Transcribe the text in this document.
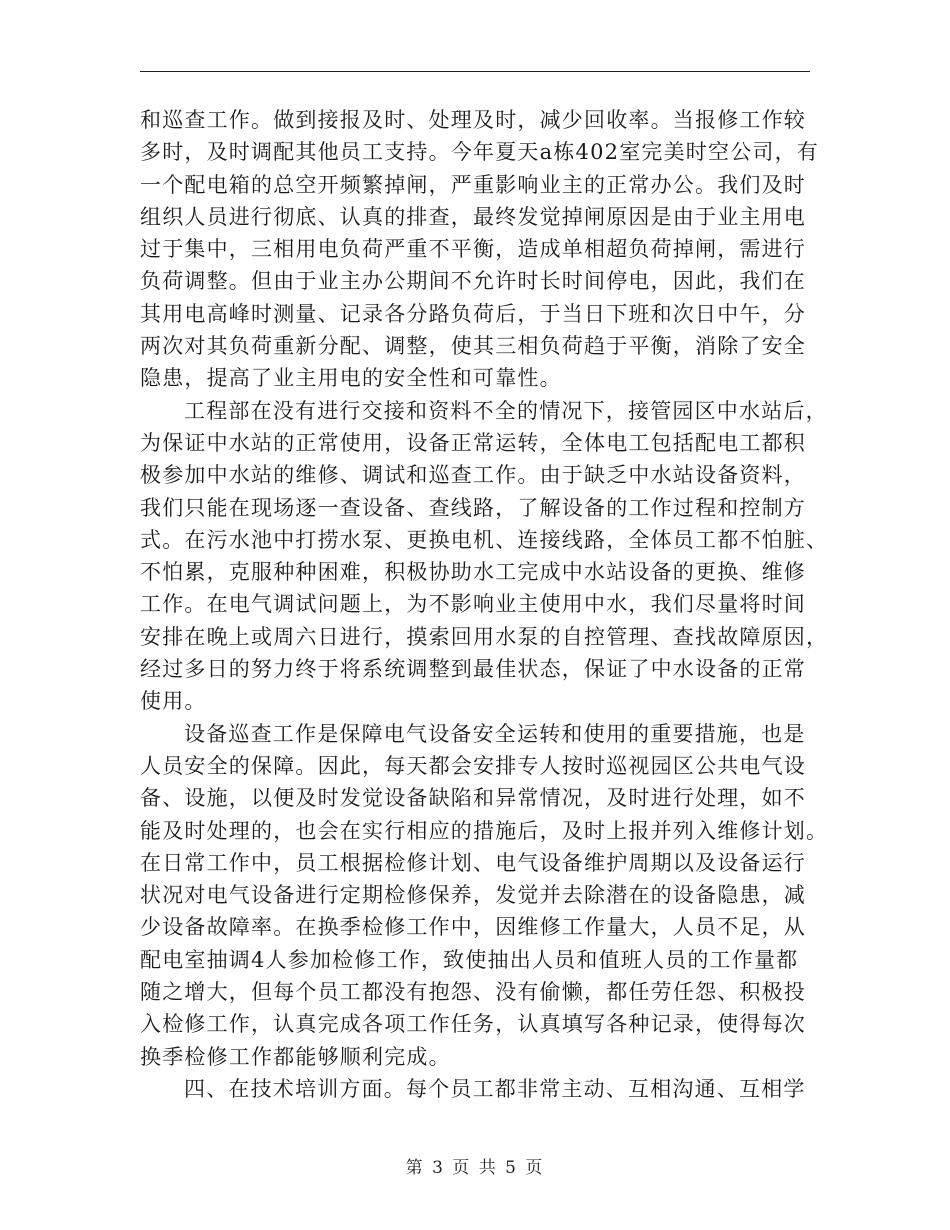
和巡查工作。做到接报及时、处理及时，减少回收率。当报修工作较
多时，及时调配其他员工支持。今年夏天a栋402室完美时空公司，有
一个配电箱的总空开频繁掉闸，严重影响业主的正常办公。我们及时
组织人员进行彻底、认真的排查，最终发觉掉闸原因是由于业主用电
过于集中，三相用电负荷严重不平衡，造成单相超负荷掉闸，需进行
负荷调整。但由于业主办公期间不允许时长时间停电，因此，我们在
其用电高峰时测量、记录各分路负荷后，于当日下班和次日中午，分
两次对其负荷重新分配、调整，使其三相负荷趋于平衡，消除了安全
隐患，提高了业主用电的安全性和可靠性。
工程部在没有进行交接和资料不全的情况下，接管园区中水站后，
为保证中水站的正常使用，设备正常运转，全体电工包括配电工都积
极参加中水站的维修、调试和巡查工作。由于缺乏中水站设备资料，
我们只能在现场逐一查设备、查线路，了解设备的工作过程和控制方
式。在污水池中打捞水泵、更换电机、连接线路，全体员工都不怕脏、
不怕累，克服种种困难，积极协助水工完成中水站设备的更换、维修
工作。在电气调试问题上，为不影响业主使用中水，我们尽量将时间
安排在晚上或周六日进行，摸索回用水泵的自控管理、查找故障原因，
经过多日的努力终于将系统调整到最佳状态，保证了中水设备的正常
使用。
设备巡查工作是保障电气设备安全运转和使用的重要措施，也是
人员安全的保障。因此，每天都会安排专人按时巡视园区公共电气设
备、设施，以便及时发觉设备缺陷和异常情况，及时进行处理，如不
能及时处理的，也会在实行相应的措施后，及时上报并列入维修计划。
在日常工作中，员工根据检修计划、电气设备维护周期以及设备运行
状况对电气设备进行定期检修保养，发觉并去除潜在的设备隐患，减
少设备故障率。在换季检修工作中，因维修工作量大，人员不足，从
配电室抽调4人参加检修工作，致使抽出人员和值班人员的工作量都
随之增大，但每个员工都没有抱怨、没有偷懒，都任劳任怨、积极投
入检修工作，认真完成各项工作任务，认真填写各种记录，使得每次
换季检修工作都能够顺利完成。
四、在技术培训方面。每个员工都非常主动、互相沟通、互相学
第 3 页 共 5 页
